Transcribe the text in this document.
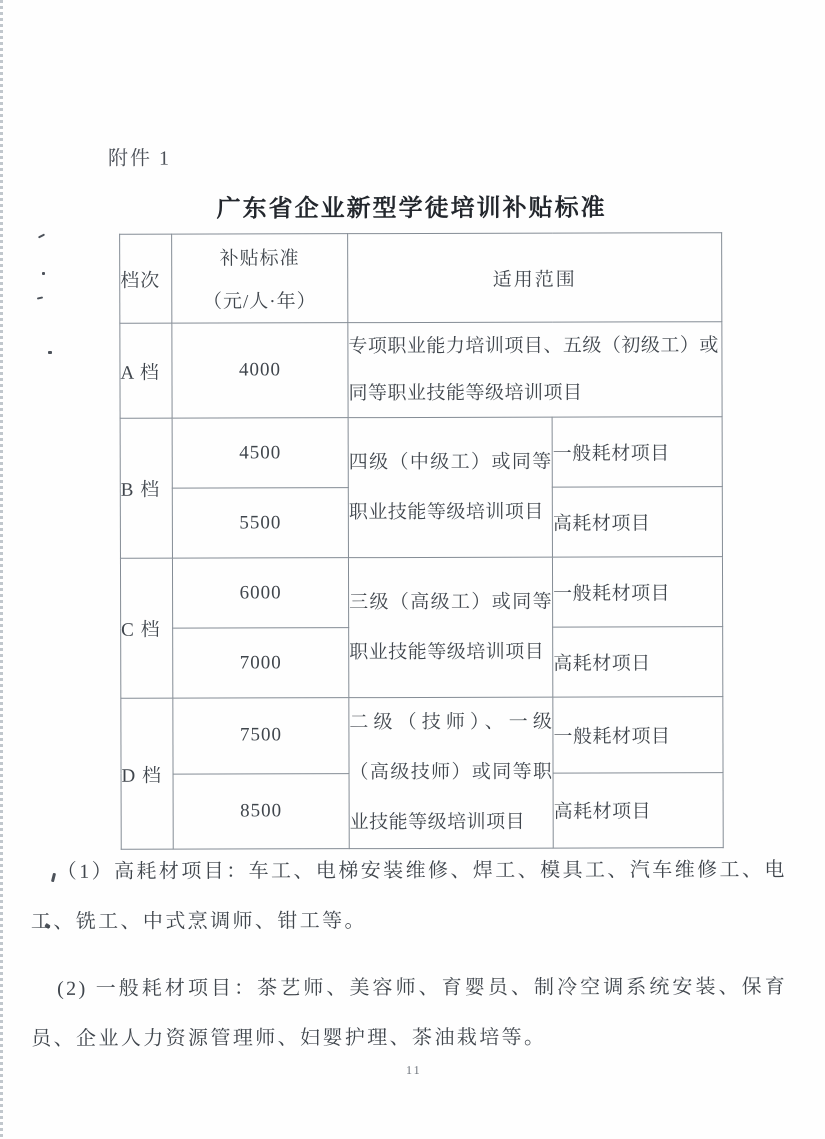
附件 1
广东省企业新型学徒培训补贴标准
档次	补贴标准
（元/人·年）	适用范围	
A 档	4000	专项职业能力培训项目、五级（初级工）或同等职业技能等级培训项目	
B 档	4500	四级（中级工）或同等职业技能等级培训项目	一般耗材项目
	5500		高耗材项目
C 档	6000	三级（高级工）或同等职业技能等级培训项目	一般耗材项目
	7000		高耗材项日
D 档	7500	二级（技师）、一级（高级技师）或同等职业技能等级培训项目	一般耗材项目
	8500		高耗材项目

（1）高耗材项目：车工、电梯安装维修、焊工、模具工、汽车维修工、电工、铣工、中式烹调师、钳工等。

(2) 一般耗材项目：茶艺师、美容师、育婴员、制冷空调系统安装、保育员、企业人力资源管理师、妇婴护理、茶油栽培等。

11
